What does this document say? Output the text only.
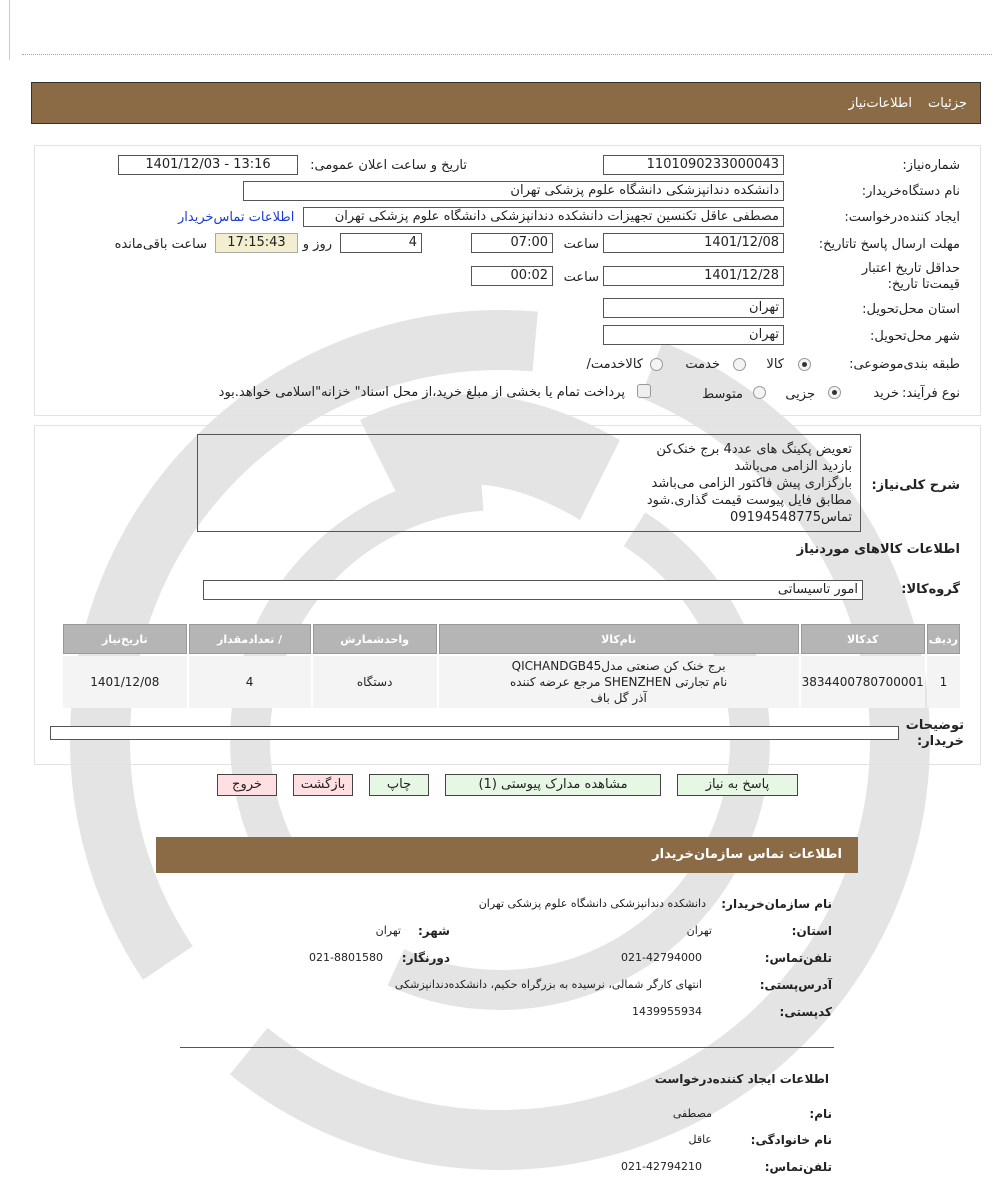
جزئیات
اطلاعات‌نیاز
شماره‌نیاز:
1101090233000043
تاریخ و ساعت اعلان عمومی:
1401/12/03 - 13:16
نام دستگاه‌خریدار:
دانشکده دندانپزشکی دانشگاه علوم پزشکی تهران
ایجاد کننده‌درخواست:
مصطفی عاقل تکنسین تجهیزات دانشکده دندانپزشکی دانشگاه علوم پزشکی تهران
اطلاعات تماس‌خریدار
مهلت ارسال پاسخ تا‌تاریخ:
1401/12/08
ساعت
07:00
4
روز و
17:15:43
ساعت باقی‌مانده
حداقل تاریخ اعتبار قیمت‌تا تاریخ:
1401/12/28
ساعت
00:02
استان محل‌تحویل:
تهران
شهر محل‌تحویل:
تهران
طبقه بندی‌موضوعی:
کالا
خدمت
کالا‌خدمت/
نوع فرآیند:
خرید
جزیی
متوسط
پرداخت تمام یا بخشی از مبلغ خرید،از محل اسناد" خزانه"اسلامی خواهد.بود
شرح کلی‌نیاز:
تعویض پکینگ های عدد4 برج خنک‌کن
بازدید الزامی می‌باشد
بارگزاری پیش فاکتور الزامی می‌باشد
مطابق فایل پیوست قیمت گذاری.شود
تماس09194548775
اطلاعات کالاهای موردنیاز
گروه‌کالا:
امور تاسیساتی
ردیف	کدکالا	نام‌کالا	واحدشمارش	/ تعدادمقدار	تاریخ‌نیاز
1	3834400780700001	برج خنک کن صنعتی مدلQICHANDGB45
نام تجارتی SHENZHEN مرجع عرضه کننده
آذر گل باف	دستگاه	4	1401/12/08
توضیحات خریدار:
پاسخ به نیاز
مشاهده مدارک پیوستی (1)
چاپ
بازگشت
خروج
اطلاعات تماس سازمان‌خریدار
نام سازمان‌خریدار:
دانشکده دندانپزشکی دانشگاه علوم پزشکی تهران
استان:
تهران
شهر:
تهران
تلفن‌تماس:
021-42794000
دورنگار:
021-8801580
آدرس‌پستی:
انتهای کارگر شمالی، نرسیده به بزرگراه حکیم، دانشکده‌دندانپزشکی
کد‌پستی:
1439955934
اطلاعات ایجاد کننده‌درخواست
نام:
مصطفی
نام خانوادگی:
عاقل
تلفن‌تماس:
021-42794210
